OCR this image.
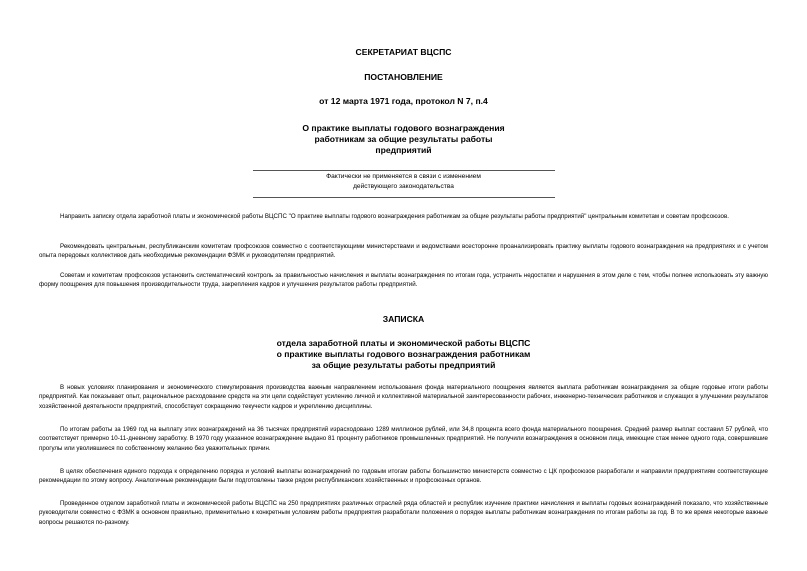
СЕКРЕТАРИАТ ВЦСПС
ПОСТАНОВЛЕНИЕ
от 12 марта 1971 года, протокол N 7, п.4
О практике выплаты годового вознаграждения
работникам за общие результаты работы
предприятий
Фактически не применяется в связи с изменением
действующего законодательства

Направить записку отдела заработной платы и экономической работы ВЦСПС "О практике выплаты годового вознаграждения работникам за общие результаты работы предприятий" центральным комитетам и советам профсоюзов.

Рекомендовать центральным, республиканским комитетам профсоюзов совместно с соответствующими министерствами и ведомствами всесторонне проанализировать практику выплаты годового вознаграждения на предприятиях и с учетом опыта передовых коллективов дать необходимые рекомендации ФЗМК и руководителям предприятий.

Советам и комитетам профсоюзов установить систематический контроль за правильностью начисления и выплаты вознаграждения по итогам года, устранить недостатки и нарушения в этом деле с тем, чтобы полнее использовать эту важную форму поощрения для повышения производительности труда, закрепления кадров и улучшения результатов работы предприятий.

ЗАПИСКА
отдела заработной платы и экономической работы ВЦСПС
о практике выплаты годового вознаграждения работникам
за общие результаты работы предприятий

В новых условиях планирования и экономического стимулирования производства важным направлением использования фонда материального поощрения является выплата работникам вознаграждения за общие годовые итоги работы предприятий. Как показывает опыт, рациональное расходование средств на эти цели содействует усилению личной и коллективной материальной заинтересованности рабочих, инженерно-технических работников и служащих в улучшении результатов хозяйственной деятельности предприятий, способствует сокращению текучести кадров и укреплению дисциплины.

По итогам работы за 1969 год на выплату этих вознаграждений на 36 тысячах предприятий израсходовано 1289 миллионов рублей, или 34,8 процента всего фонда материального поощрения. Средний размер выплат составил 57 рублей, что соответствует примерно 10-11-дневному заработку. В 1970 году указанное вознаграждение выдано 81 проценту работников промышленных предприятий. Не получили вознаграждения в основном лица, имеющие стаж менее одного года, совершившие прогулы или уволившиеся по собственному желанию без уважительных причин.

В целях обеспечения единого подхода к определению порядка и условий выплаты вознаграждений по годовым итогам работы большинство министерств совместно с ЦК профсоюзов разработали и направили предприятиям соответствующие рекомендации по этому вопросу. Аналогичные рекомендации были подготовлены также рядом республиканских хозяйственных и профсоюзных органов.

Проведенное отделом заработной платы и экономической работы ВЦСПС на 250 предприятиях различных отраслей ряда областей и республик изучение практики начисления и выплаты годовых вознаграждений показало, что хозяйственные руководители совместно с ФЗМК в основном правильно, применительно к конкретным условиям работы предприятия разработали положения о порядке выплаты работникам вознаграждения по итогам работы за год. В то же время некоторые важные вопросы решаются по-разному.
